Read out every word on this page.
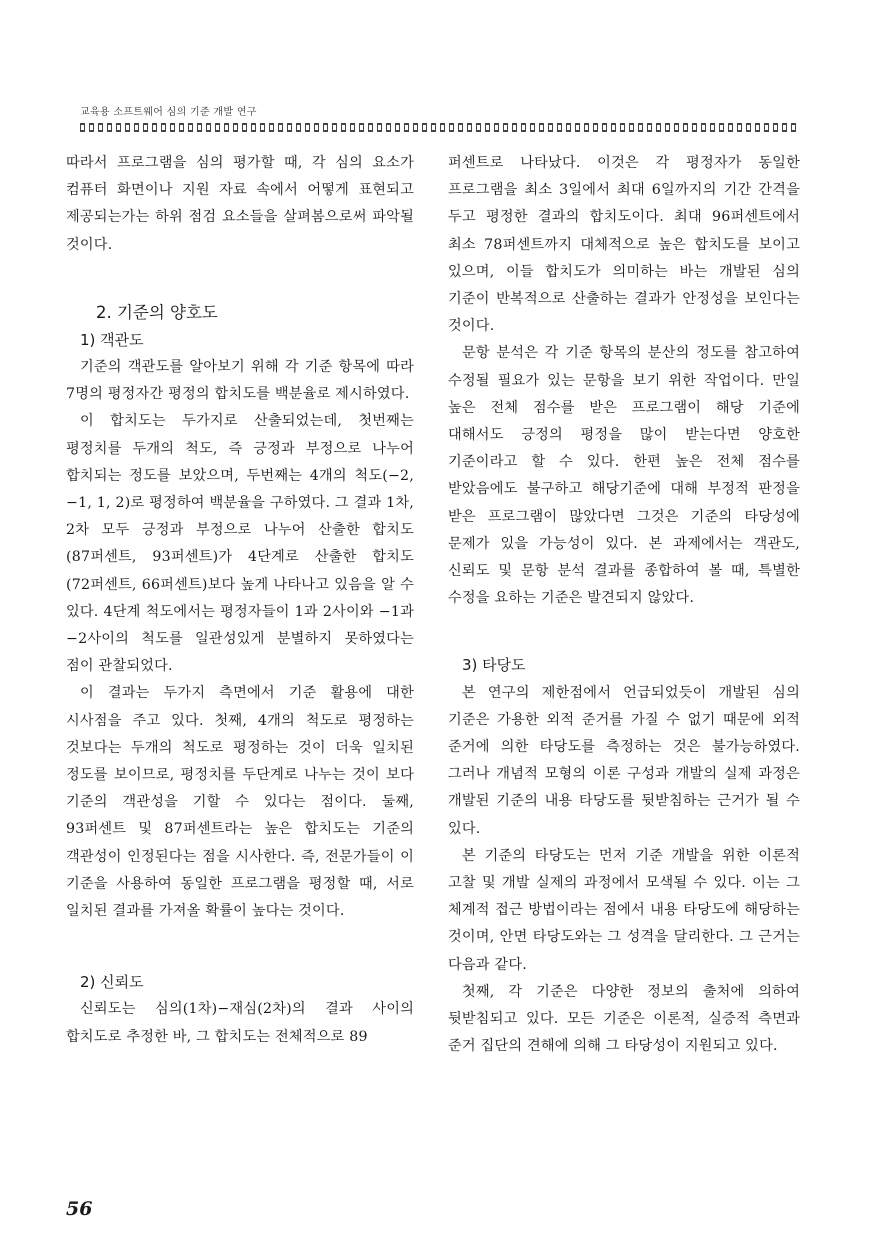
교육용 소프트웨어 심의 기준 개발 연구

따라서 프로그램을 심의 평가할 때, 각 심의 요소가 컴퓨터 화면이나 지원 자료 속에서 어떻게 표현되고 제공되는가는 하위 점검 요소들을 살펴봄으로써 파악될 것이다.

2. 기준의 양호도
1) 객관도

기준의 객관도를 알아보기 위해 각 기준 항목에 따라 7명의 평정자간 평정의 합치도를 백분율로 제시하였다.

이 합치도는 두가지로 산출되었는데, 첫번째는 평정치를 두개의 척도, 즉 긍정과 부정으로 나누어 합치되는 정도를 보았으며, 두번째는 4개의 척도(−2, −1, 1, 2)로 평정하여 백분율을 구하였다. 그 결과 1차, 2차 모두 긍정과 부정으로 나누어 산출한 합치도(87퍼센트, 93퍼센트)가 4단계로 산출한 합치도(72퍼센트, 66퍼센트)보다 높게 나타나고 있음을 알 수 있다. 4단계 척도에서는 평정자들이 1과 2사이와 −1과 −2사이의 척도를 일관성있게 분별하지 못하였다는 점이 관찰되었다.

이 결과는 두가지 측면에서 기준 활용에 대한 시사점을 주고 있다. 첫째, 4개의 척도로 평정하는 것보다는 두개의 척도로 평정하는 것이 더욱 일치된 정도를 보이므로, 평정치를 두단계로 나누는 것이 보다 기준의 객관성을 기할 수 있다는 점이다. 둘째, 93퍼센트 및 87퍼센트라는 높은 합치도는 기준의 객관성이 인정된다는 점을 시사한다. 즉, 전문가들이 이 기준을 사용하여 동일한 프로그램을 평정할 때, 서로 일치된 결과를 가져올 확률이 높다는 것이다.

2) 신뢰도

신뢰도는 심의(1차)−재심(2차)의 결과 사이의 합치도로 추정한 바, 그 합치도는 전체적으로 89

퍼센트로 나타났다. 이것은 각 평정자가 동일한 프로그램을 최소 3일에서 최대 6일까지의 기간 간격을 두고 평정한 결과의 합치도이다. 최대 96퍼센트에서 최소 78퍼센트까지 대체적으로 높은 합치도를 보이고 있으며, 이들 합치도가 의미하는 바는 개발된 심의 기준이 반복적으로 산출하는 결과가 안정성을 보인다는 것이다.

문항 분석은 각 기준 항목의 분산의 정도를 참고하여 수정될 필요가 있는 문항을 보기 위한 작업이다. 만일 높은 전체 점수를 받은 프로그램이 해당 기준에 대해서도 긍정의 평정을 많이 받는다면 양호한 기준이라고 할 수 있다. 한편 높은 전체 점수를 받았음에도 불구하고 해당기준에 대해 부정적 판정을 받은 프로그램이 많았다면 그것은 기준의 타당성에 문제가 있을 가능성이 있다. 본 과제에서는 객관도, 신뢰도 및 문항 분석 결과를 종합하여 볼 때, 특별한 수정을 요하는 기준은 발견되지 않았다.

3) 타당도

본 연구의 제한점에서 언급되었듯이 개발된 심의 기준은 가용한 외적 준거를 가질 수 없기 때문에 외적 준거에 의한 타당도를 측정하는 것은 불가능하였다. 그러나 개념적 모형의 이론 구성과 개발의 실제 과정은 개발된 기준의 내용 타당도를 뒷받침하는 근거가 될 수 있다.

본 기준의 타당도는 먼저 기준 개발을 위한 이론적 고찰 및 개발 실제의 과정에서 모색될 수 있다. 이는 그 체계적 접근 방법이라는 점에서 내용 타당도에 해당하는 것이며, 안면 타당도와는 그 성격을 달리한다. 그 근거는 다음과 같다.

첫째, 각 기준은 다양한 정보의 출처에 의하여 뒷받침되고 있다. 모든 기준은 이론적, 실증적 측면과 준거 집단의 견해에 의해 그 타당성이 지원되고 있다.

56
